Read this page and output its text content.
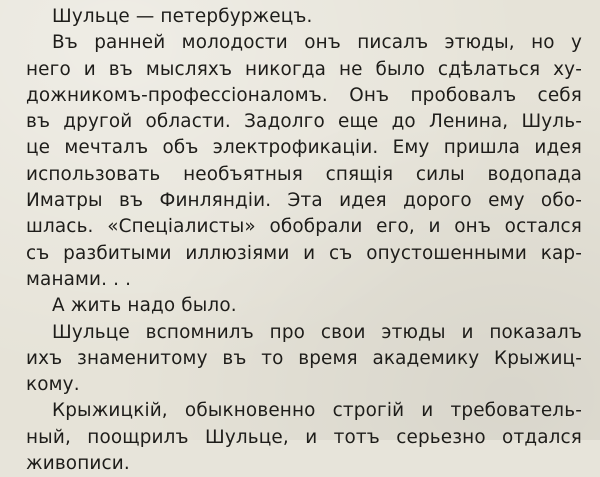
Шульце — петербуржецъ.
Въ ранней молодости онъ писалъ этюды, но у
него и въ мысляхъ никогда не было сдѣлаться ху-
дожникомъ-профессіоналомъ. Онъ пробовалъ себя
въ другой области. Задолго еще до Ленина, Шуль-
це мечталъ объ электрофикаціи. Ему пришла идея
использовать необъятныя спящія силы водопада
Иматры въ Финляндіи. Эта идея дорого ему обо-
шлась. «Спеціалисты» обобрали его, и онъ остался
съ разбитыми иллюзіями и съ опустошенными кар-
манами. . .
А жить надо было.
Шульце вспомнилъ про свои этюды и показалъ
ихъ знаменитому въ то время академику Крыжиц-
кому.
Крыжицкій, обыкновенно строгій и требователь-
ный, поощрилъ Шульце, и тотъ серьезно отдался
живописи.
